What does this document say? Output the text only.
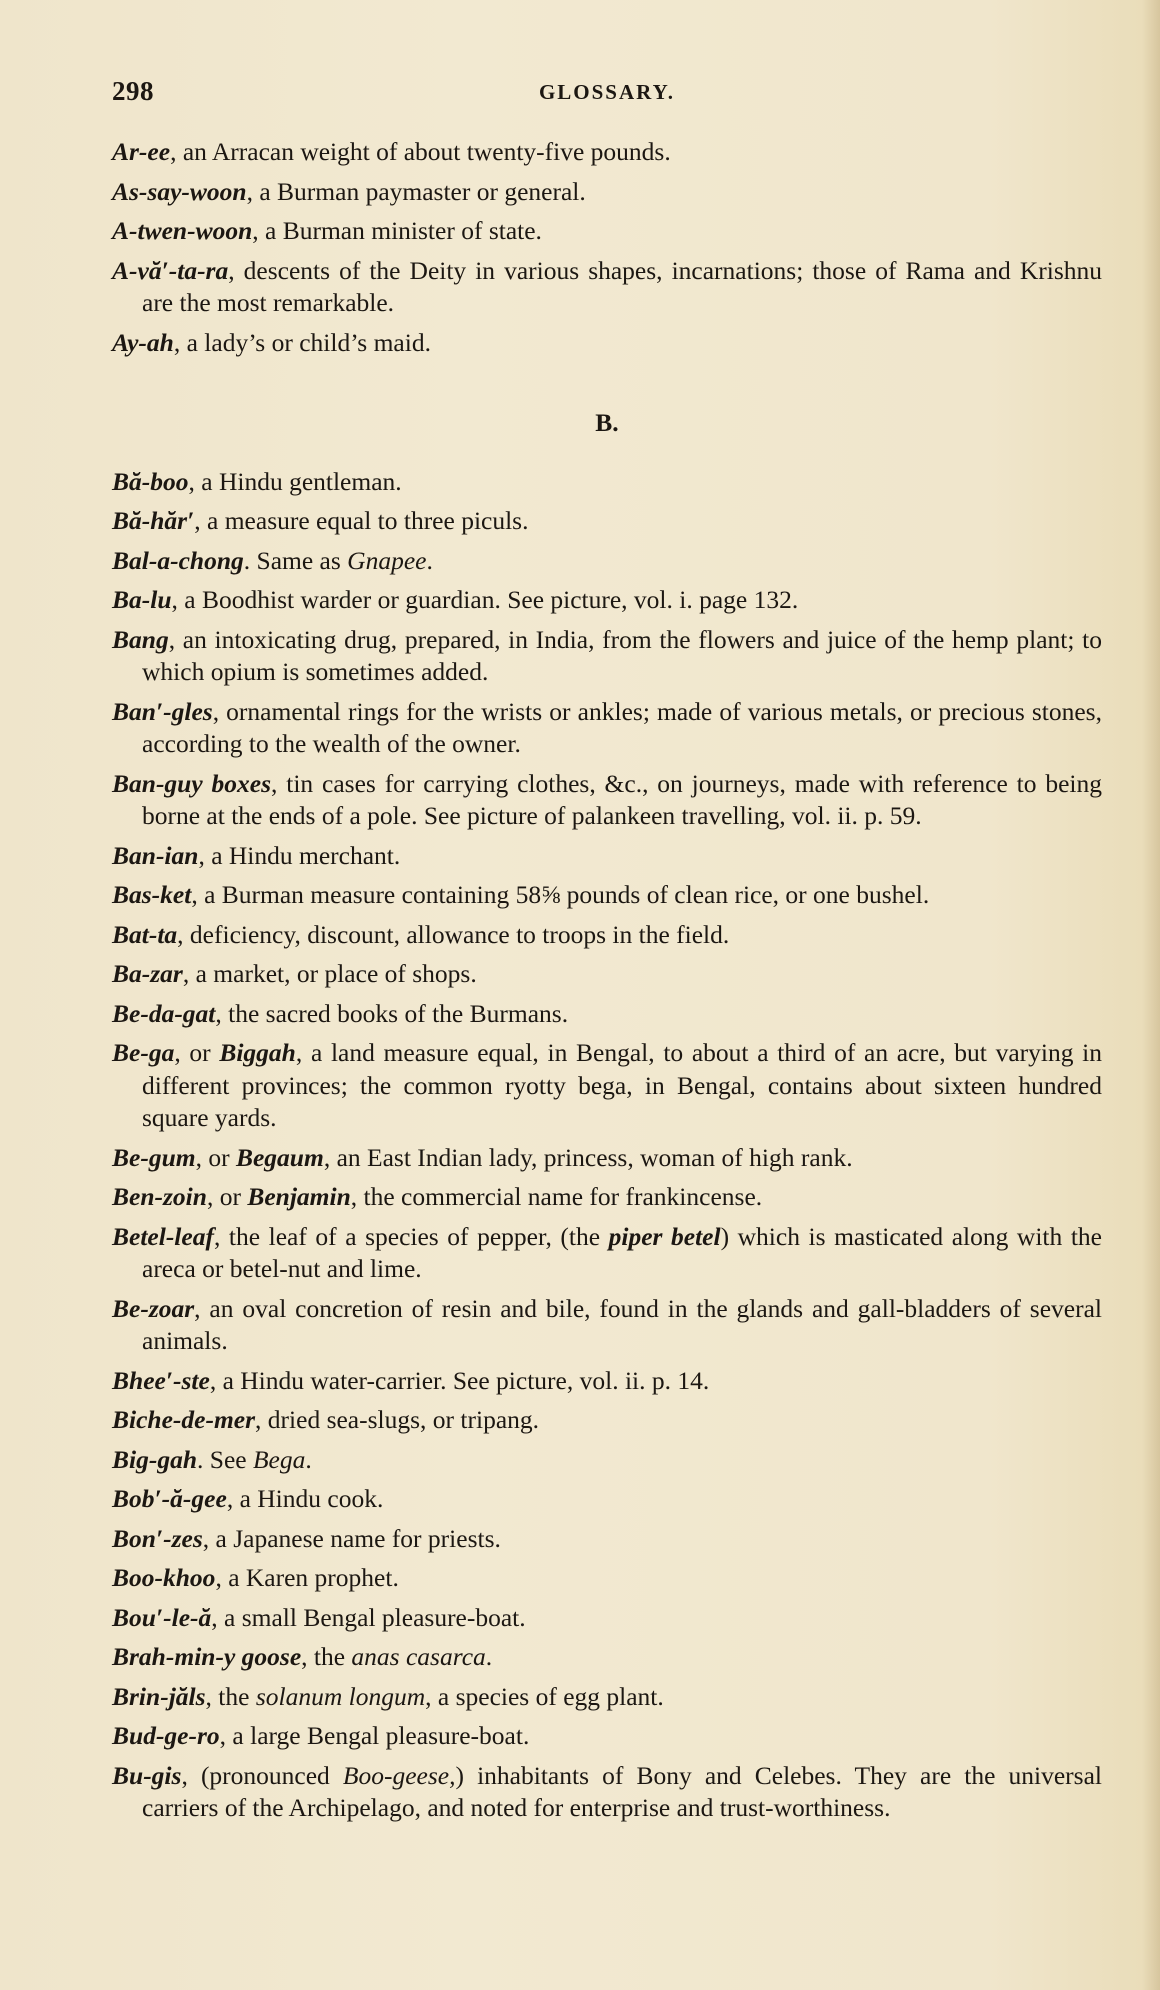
298	GLOSSARY.

Ar-ee, an Arracan weight of about twenty-five pounds.

As-say-woon, a Burman paymaster or general.

A-twen-woon, a Burman minister of state.

A-vă′-ta-ra, descents of the Deity in various shapes, incarnations; those of Rama and Krishnu are the most remarkable.

Ay-ah, a lady’s or child’s maid.

B.

Bă-boo, a Hindu gentleman.

Bă-hăr′, a measure equal to three piculs.

Bal-a-chong. Same as Gnapee.

Ba-lu, a Boodhist warder or guardian. See picture, vol. i. page 132.

Bang, an intoxicating drug, prepared, in India, from the flowers and juice of the hemp plant; to which opium is sometimes added.

Ban′-gles, ornamental rings for the wrists or ankles; made of various metals, or precious stones, according to the wealth of the owner.

Ban-guy boxes, tin cases for carrying clothes, &c., on journeys, made with reference to being borne at the ends of a pole. See picture of palankeen travelling, vol. ii. p. 59.

Ban-ian, a Hindu merchant.

Bas-ket, a Burman measure containing 58⅝ pounds of clean rice, or one bushel.

Bat-ta, deficiency, discount, allowance to troops in the field.

Ba-zar, a market, or place of shops.

Be-da-gat, the sacred books of the Burmans.

Be-ga, or Biggah, a land measure equal, in Bengal, to about a third of an acre, but varying in different provinces; the common ryotty bega, in Bengal, contains about sixteen hundred square yards.

Be-gum, or Begaum, an East Indian lady, princess, woman of high rank.

Ben-zoin, or Benjamin, the commercial name for frankincense.

Betel-leaf, the leaf of a species of pepper, (the piper betel) which is masticated along with the areca or betel-nut and lime.

Be-zoar, an oval concretion of resin and bile, found in the glands and gall-bladders of several animals.

Bhee′-ste, a Hindu water-carrier. See picture, vol. ii. p. 14.

Biche-de-mer, dried sea-slugs, or tripang.

Big-gah. See Bega.

Bob′-ă-gee, a Hindu cook.

Bon′-zes, a Japanese name for priests.

Boo-khoo, a Karen prophet.

Bou′-le-ă, a small Bengal pleasure-boat.

Brah-min-y goose, the anas casarca.

Brin-jăls, the solanum longum, a species of egg plant.

Bud-ge-ro, a large Bengal pleasure-boat.

Bu-gis, (pronounced Boo-geese,) inhabitants of Bony and Celebes. They are the universal carriers of the Archipelago, and noted for enterprise and trust-worthiness.
